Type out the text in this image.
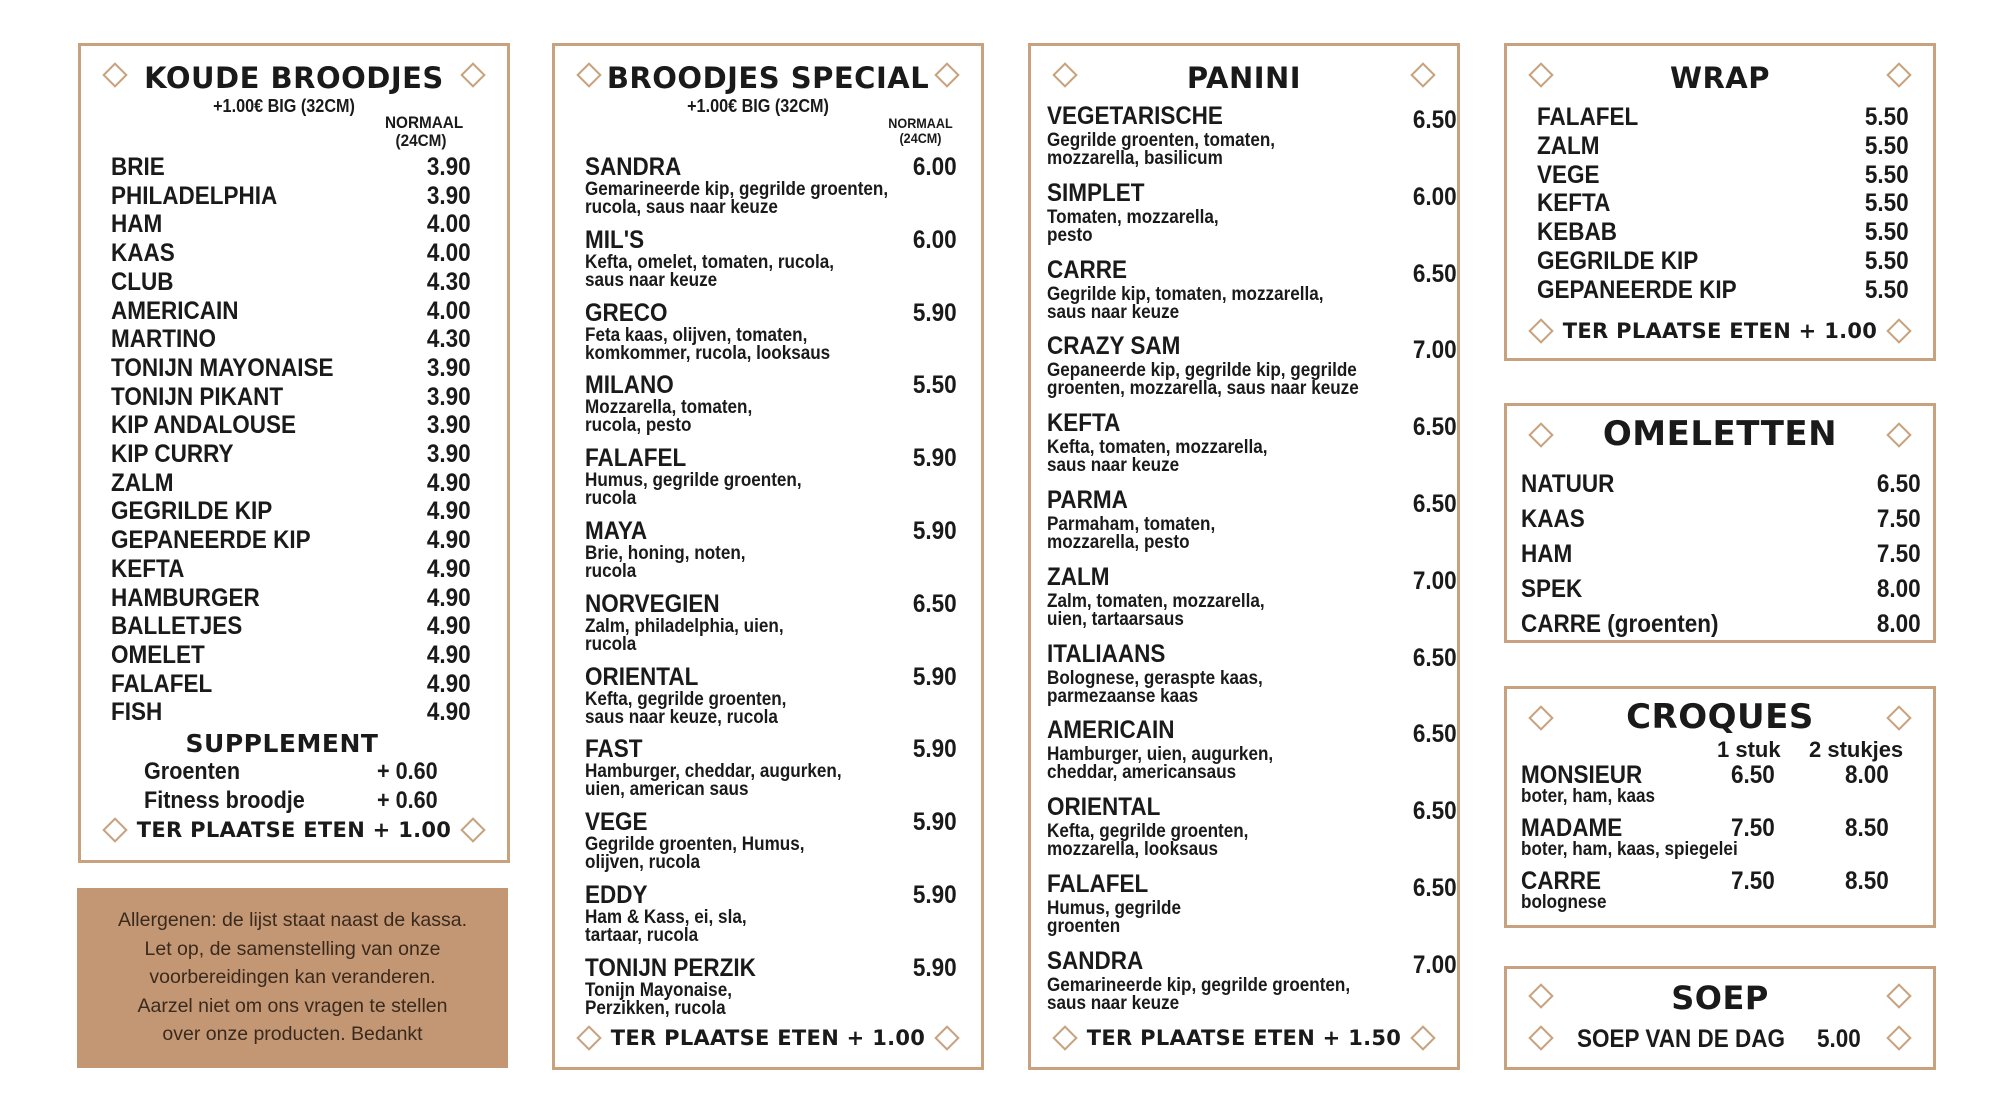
KOUDE BROODJES
+1.00€ BIG (32CM)
NORMAAL
(24CM)
BRIE	3.90
PHILADELPHIA	3.90
HAM	4.00
KAAS	4.00
CLUB	4.30
AMERICAIN	4.00
MARTINO	4.30
TONIJN MAYONAISE	3.90
TONIJN PIKANT	3.90
KIP ANDALOUSE	3.90
KIP CURRY	3.90
ZALM	4.90
GEGRILDE KIP	4.90
GEPANEERDE KIP	4.90
KEFTA	4.90
HAMBURGER	4.90
BALLETJES	4.90
OMELET	4.90
FALAFEL	4.90
FISH	4.90
SUPPLEMENT
Groenten	+ 0.60
Fitness broodje	+ 0.60
TER PLAATSE ETEN + 1.00
Allergenen: de lijst staat naast de kassa.
Let op, de samenstelling van onze
voorbereidingen kan veranderen.
Aarzel niet om ons vragen te stellen
over onze producten. Bedankt
BROODJES SPECIAL
+1.00€ BIG (32CM)
NORMAAL
(24CM)
SANDRA	6.00
Gemarineerde kip, gegrilde groenten,
rucola, saus naar keuze
MIL'S	6.00
Kefta, omelet, tomaten, rucola,
saus naar keuze
GRECO	5.90
Feta kaas, olijven, tomaten,
komkommer, rucola, looksaus
MILANO	5.50
Mozzarella, tomaten,
rucola, pesto
FALAFEL	5.90
Humus, gegrilde groenten,
rucola
MAYA	5.90
Brie, honing, noten,
rucola
NORVEGIEN	6.50
Zalm, philadelphia, uien,
rucola
ORIENTAL	5.90
Kefta, gegrilde groenten,
saus naar keuze, rucola
FAST	5.90
Hamburger, cheddar, augurken,
uien, american saus
VEGE	5.90
Gegrilde groenten, Humus,
olijven, rucola
EDDY	5.90
Ham & Kass, ei, sla,
tartaar, rucola
TONIJN PERZIK	5.90
Tonijn Mayonaise,
Perzikken, rucola
TER PLAATSE ETEN + 1.00
PANINI
VEGETARISCHE	6.50
Gegrilde groenten, tomaten,
mozzarella, basilicum
SIMPLET	6.00
Tomaten, mozzarella,
pesto
CARRE	6.50
Gegrilde kip, tomaten, mozzarella,
saus naar keuze
CRAZY SAM	7.00
Gepaneerde kip, gegrilde kip, gegrilde
groenten, mozzarella, saus naar keuze
KEFTA	6.50
Kefta, tomaten, mozzarella,
saus naar keuze
PARMA	6.50
Parmaham, tomaten,
mozzarella, pesto
ZALM	7.00
Zalm, tomaten, mozzarella,
uien, tartaarsaus
ITALIAANS	6.50
Bolognese, geraspte kaas,
parmezaanse kaas
AMERICAIN	6.50
Hamburger, uien, augurken,
cheddar, americansaus
ORIENTAL	6.50
Kefta, gegrilde groenten,
mozzarella, looksaus
FALAFEL	6.50
Humus, gegrilde
groenten
SANDRA	7.00
Gemarineerde kip, gegrilde groenten,
saus naar keuze
TER PLAATSE ETEN + 1.50
WRAP
FALAFEL	5.50
ZALM	5.50
VEGE	5.50
KEFTA	5.50
KEBAB	5.50
GEGRILDE KIP	5.50
GEPANEERDE KIP	5.50
TER PLAATSE ETEN + 1.00
OMELETTEN
NATUUR	6.50
KAAS	7.50
HAM	7.50
SPEK	8.00
CARRE (groenten)	8.00
CROQUES
1 stuk 2 stukjes
MONSIEUR	6.50	8.00
boter, ham, kaas
MADAME	7.50	8.50
boter, ham, kaas, spiegelei
CARRE	7.50	8.50
bolognese
SOEP
SOEP VAN DE DAG 5.00
